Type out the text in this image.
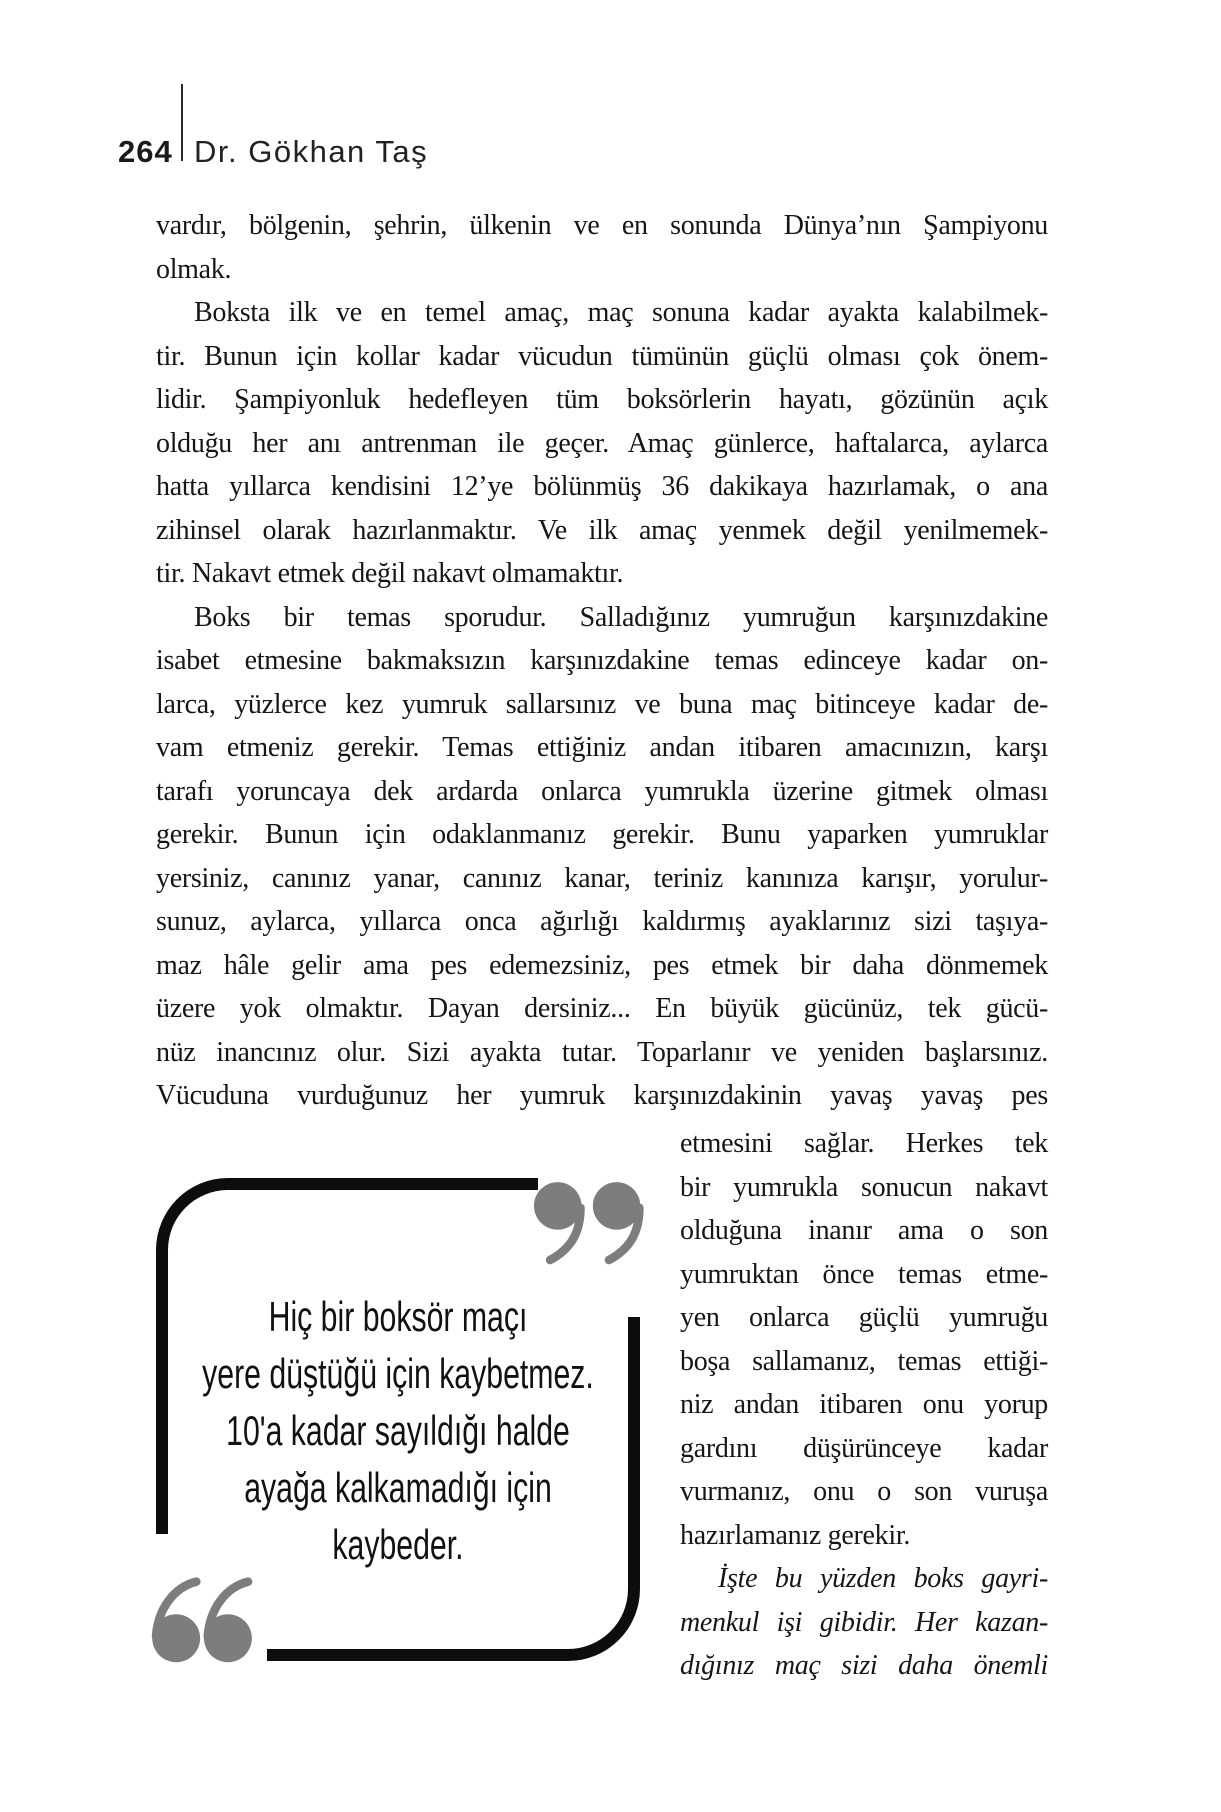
264 Dr. Gökhan Taş
vardır, bölgenin, şehrin, ülkenin ve en sonunda Dünya’nın Şampiyonu
olmak.
Boksta ilk ve en temel amaç, maç sonuna kadar ayakta kalabilmek-
tir. Bunun için kollar kadar vücudun tümünün güçlü olması çok önem-
lidir. Şampiyonluk hedefleyen tüm boksörlerin hayatı, gözünün açık
olduğu her anı antrenman ile geçer. Amaç günlerce, haftalarca, aylarca
hatta yıllarca kendisini 12’ye bölünmüş 36 dakikaya hazırlamak, o ana
zihinsel olarak hazırlanmaktır. Ve ilk amaç yenmek değil yenilmemek-
tir. Nakavt etmek değil nakavt olmamaktır.
Boks bir temas sporudur. Salladığınız yumruğun karşınızdakine
isabet etmesine bakmaksızın karşınızdakine temas edinceye kadar on-
larca, yüzlerce kez yumruk sallarsınız ve buna maç bitinceye kadar de-
vam etmeniz gerekir. Temas ettiğiniz andan itibaren amacınızın, karşı
tarafı yoruncaya dek ardarda onlarca yumrukla üzerine gitmek olması
gerekir. Bunun için odaklanmanız gerekir. Bunu yaparken yumruklar
yersiniz, canınız yanar, canınız kanar, teriniz kanınıza karışır, yorulur-
sunuz, aylarca, yıllarca onca ağırlığı kaldırmış ayaklarınız sizi taşıya-
maz hâle gelir ama pes edemezsiniz, pes etmek bir daha dönmemek
üzere yok olmaktır. Dayan dersiniz... En büyük gücünüz, tek gücü-
nüz inancınız olur. Sizi ayakta tutar. Toparlanır ve yeniden başlarsınız.
Vücuduna vurduğunuz her yumruk karşınızdakinin yavaş yavaş pes
etmesini sağlar. Herkes tek
bir yumrukla sonucun nakavt
olduğuna inanır ama o son
yumruktan önce temas etme-
yen onlarca güçlü yumruğu
boşa sallamanız, temas ettiği-
niz andan itibaren onu yorup
gardını düşürünceye kadar
vurmanız, onu o son vuruşa
hazırlamanız gerekir.
İşte bu yüzden boks gayri-
menkul işi gibidir. Her kazan-
dığınız maç sizi daha önemli
Hiç bir boksör maçı
yere düştüğü için kaybetmez.
10'a kadar sayıldığı halde
ayağa kalkamadığı için
kaybeder.
